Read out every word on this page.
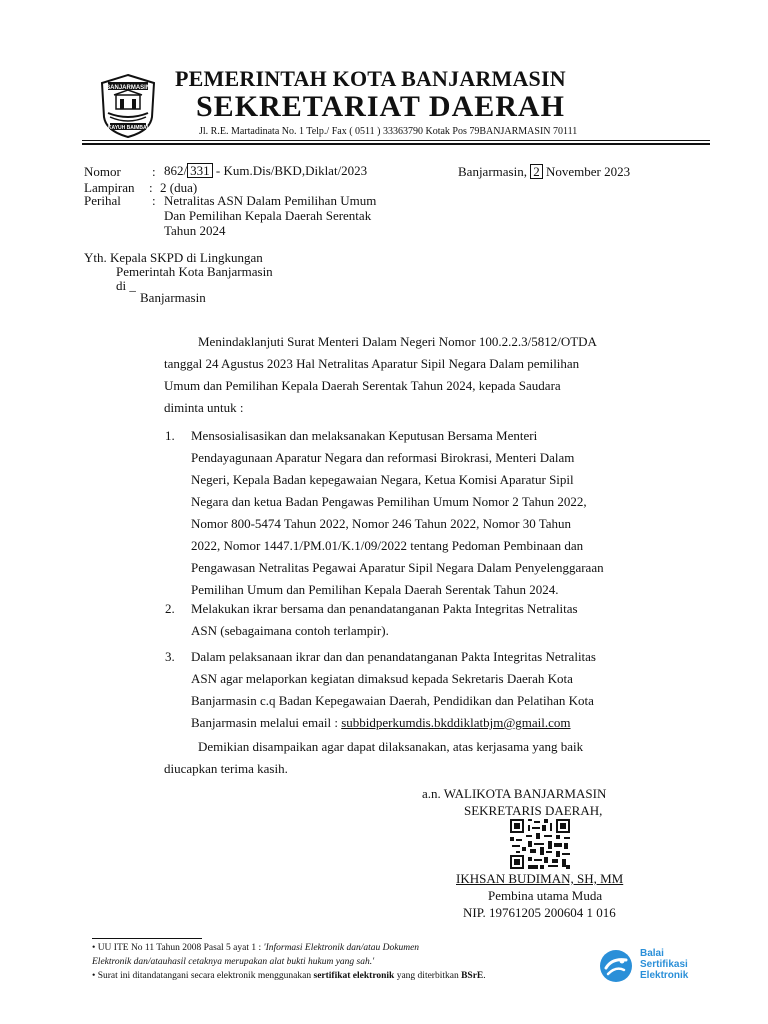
BANJARMASIN
KAYUH BAIMBAI
PEMERINTAH KOTA BANJARMASIN
SEKRETARIAT DAERAH
Jl. R.E. Martadinata No. 1 Telp./ Fax ( 0511 ) 33363790 Kotak Pos 79BANJARMASIN 70111
Nomor : 862/ 331 - Kum.Dis/BKD,Diklat/2023
Lampiran : 2 (dua)
Perihal : Netralitas ASN Dalam Pemilihan Umum
Dan Pemilihan Kepala Daerah Serentak
Tahun 2024
Banjarmasin, 2 November 2023
Yth. Kepala SKPD di Lingkungan
Pemerintah Kota Banjarmasin
di _
Banjarmasin
Menindaklanjuti Surat Menteri Dalam Negeri Nomor 100.2.2.3/5812/OTDA
tanggal 24 Agustus 2023 Hal Netralitas Aparatur Sipil Negara Dalam pemilihan
Umum dan Pemilihan Kepala Daerah Serentak Tahun 2024, kepada Saudara
diminta untuk :
1. Mensosialisasikan dan melaksanakan Keputusan Bersama Menteri
Pendayagunaan Aparatur Negara dan reformasi Birokrasi, Menteri Dalam
Negeri, Kepala Badan kepegawaian Negara, Ketua Komisi Aparatur Sipil
Negara dan ketua Badan Pengawas Pemilihan Umum Nomor 2 Tahun 2022,
Nomor 800-5474 Tahun 2022, Nomor 246 Tahun 2022, Nomor 30 Tahun
2022, Nomor 1447.1/PM.01/K.1/09/2022 tentang Pedoman Pembinaan dan
Pengawasan Netralitas Pegawai Aparatur Sipil Negara Dalam Penyelenggaraan
Pemilihan Umum dan Pemilihan Kepala Daerah Serentak Tahun 2024.
2. Melakukan ikrar bersama dan penandatanganan Pakta Integritas Netralitas
ASN (sebagaimana contoh terlampir).
3. Dalam pelaksanaan ikrar dan dan penandatanganan Pakta Integritas Netralitas
ASN agar melaporkan kegiatan dimaksud kepada Sekretaris Daerah Kota
Banjarmasin c.q Badan Kepegawaian Daerah, Pendidikan dan Pelatihan Kota
Banjarmasin melalui email : subbidperkumdis.bkddiklatbjm@gmail.com
Demikian disampaikan agar dapat dilaksanakan, atas kerjasama yang baik
diucapkan terima kasih.
a.n. WALIKOTA BANJARMASIN
SEKRETARIS DAERAH,
IKHSAN BUDIMAN, SH, MM
Pembina utama Muda
NIP. 19761205 200604 1 016
• UU ITE No 11 Tahun 2008 Pasal 5 ayat 1 : 'Informasi Elektronik dan/atau Dokumen
Elektronik dan/atauhasil cetaknya merupakan alat bukti hukum yang sah.'
• Surat ini ditandatangani secara elektronik menggunakan sertifikat elektronik yang diterbitkan BSrE.
Balai
Sertifikasi
Elektronik
